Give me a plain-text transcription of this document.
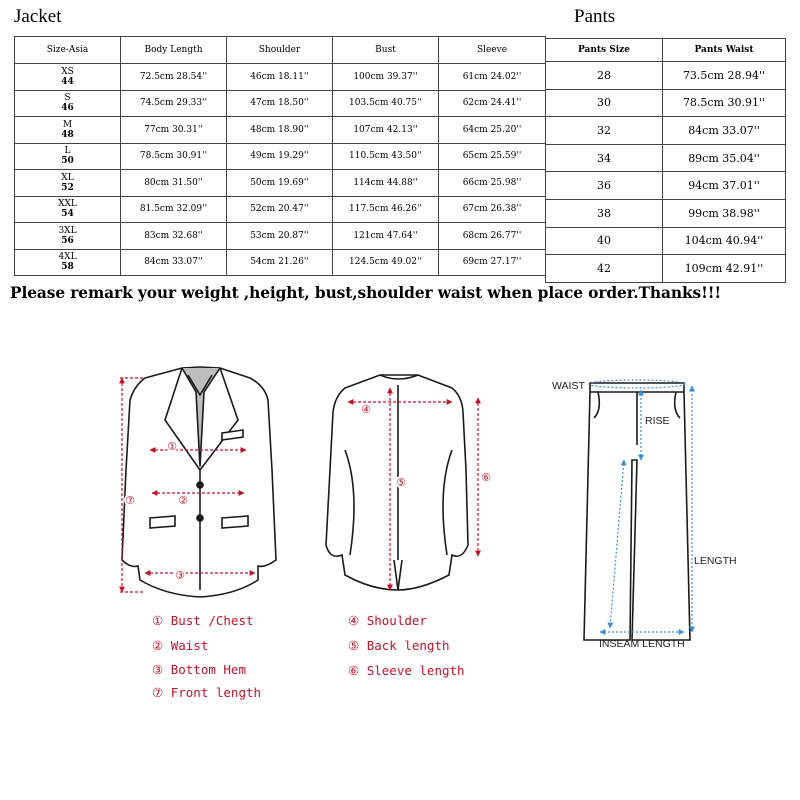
Jacket	Pants
Size-Asia	Body Length	Shoulder	Bust	Sleeve
XS
44	72.5cm 28.54''	46cm 18.11''	100cm 39.37''	61cm 24.02''
S
46	74.5cm 29.33''	47cm 18.50''	103.5cm 40.75''	62cm 24.41''
M
48	77cm 30.31''	48cm 18.90''	107cm 42.13''	64cm 25.20''
L
50	78.5cm 30.91''	49cm 19.29''	110.5cm 43.50''	65cm 25.59''
XL
52	80cm 31.50''	50cm 19.69''	114cm 44.88''	66cm 25.98''
XXL
54	81.5cm 32.09''	52cm 20.47''	117.5cm 46.26''	67cm 26.38''
3XL
56	83cm 32.68''	53cm 20.87''	121cm 47.64''	68cm 26.77''
4XL
58	84cm 33.07''	54cm 21.26''	124.5cm 49.02''	69cm 27.17''
Pants Size	Pants Waist
28	73.5cm 28.94''
30	78.5cm 30.91''
32	84cm 33.07''
34	89cm 35.04''
36	94cm 37.01''
38	99cm 38.98''
40	104cm 40.94''
42	109cm 42.91''
Please remark your weight ,height, bust,shoulder waist when place order.Thanks!!!
①
②
③
⑦
④
⑤	⑥
WAIST
RISE
LENGTH
INSEAM LENGTH
① Bust /Chest
② Waist
③ Bottom Hem
⑦ Front length
④ Shoulder
⑤ Back length
⑥ Sleeve length
